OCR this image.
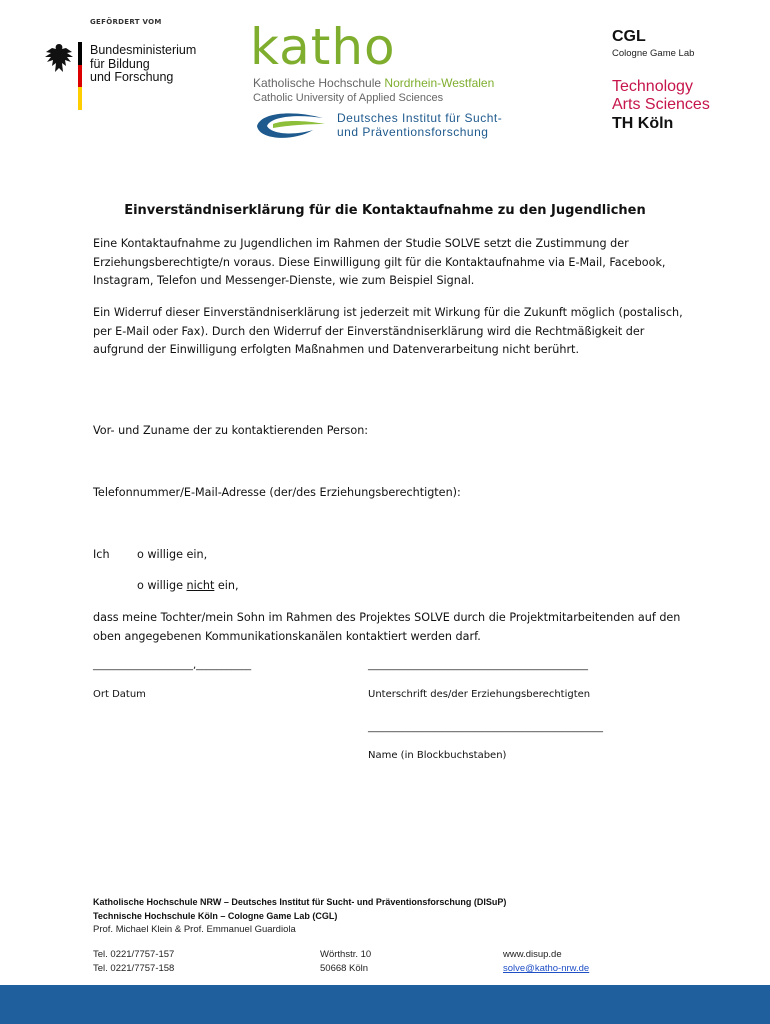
GEFÖRDERT VOM
Bundesministerium
für Bildung
und Forschung
katho
Katholische Hochschule Nordrhein-Westfalen
Catholic University of Applied Sciences
Deutsches Institut für Sucht-
und Präventionsforschung
CGL
Cologne Game Lab
Technology
Arts Sciences
TH Köln
Einverständniserklärung für die Kontaktaufnahme zu den Jugendlichen
Eine Kontaktaufnahme zu Jugendlichen im Rahmen der Studie SOLVE setzt die Zustimmung der Erziehungsberechtigte/n voraus. Diese Einwilligung gilt für die Kontaktaufnahme via E-Mail, Facebook, Instagram, Telefon und Messenger-Dienste, wie zum Beispiel Signal.
Ein Widerruf dieser Einverständniserklärung ist jederzeit mit Wirkung für die Zukunft möglich (postalisch, per E-Mail oder Fax). Durch den Widerruf der Einverständniserklärung wird die Rechtmäßigkeit der aufgrund der Einwilligung erfolgten Maßnahmen und Datenverarbeitung nicht berührt.
Vor- und Zuname der zu kontaktierenden Person:
Telefonnummer/E-Mail-Adresse (der/des Erziehungsberechtigten):
Ich o willige ein,
o willige nicht ein,
dass meine Tochter/mein Sohn im Rahmen des Projektes SOLVE durch die Projektmitarbeitenden auf den oben angegebenen Kommunikationskanälen kontaktiert werden darf.
____________________,___________	____________________________________________
Ort Datum	Unterschrift des/der Erziehungsberechtigten
_______________________________________________
Name (in Blockbuchstaben)
Katholische Hochschule NRW – Deutsches Institut für Sucht- und Präventionsforschung (DISuP)
Technische Hochschule Köln – Cologne Game Lab (CGL)
Prof. Michael Klein & Prof. Emmanuel Guardiola
Tel. 0221/7757-157
Tel. 0221/7757-158
Wörthstr. 10
50668 Köln
www.disup.de
solve@katho-nrw.de
